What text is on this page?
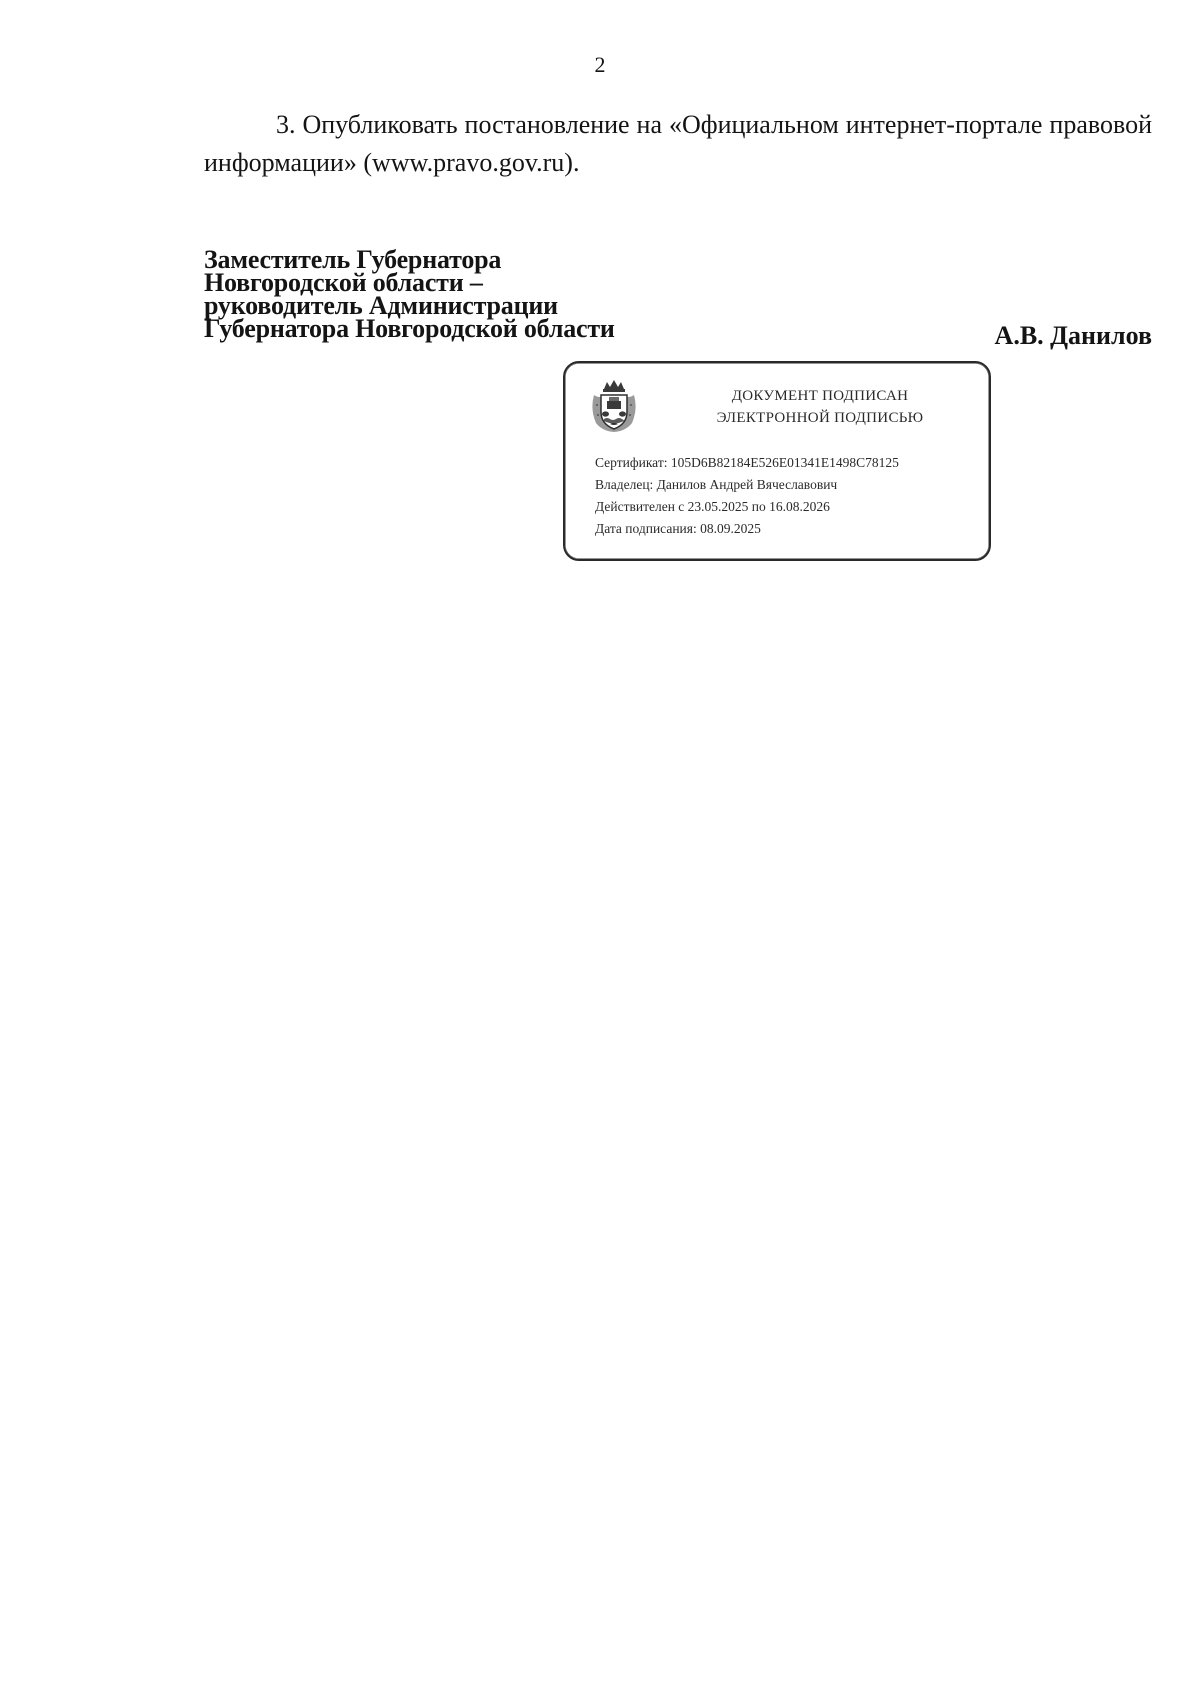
2

3. Опубликовать постановление на «Официальном интернет-портале правовой информации» (www.pravo.gov.ru).

Заместитель Губернатора
Новгородской области –
руководитель Администрации
Губернатора Новгородской области	А.В. Данилов
ДОКУМЕНТ ПОДПИСАН
ЭЛЕКТРОННОЙ ПОДПИСЬЮ
Сертификат: 105D6B82184E526E01341E1498C78125
Владелец: Данилов Андрей Вячеславович
Действителен с 23.05.2025 по 16.08.2026
Дата подписания: 08.09.2025
